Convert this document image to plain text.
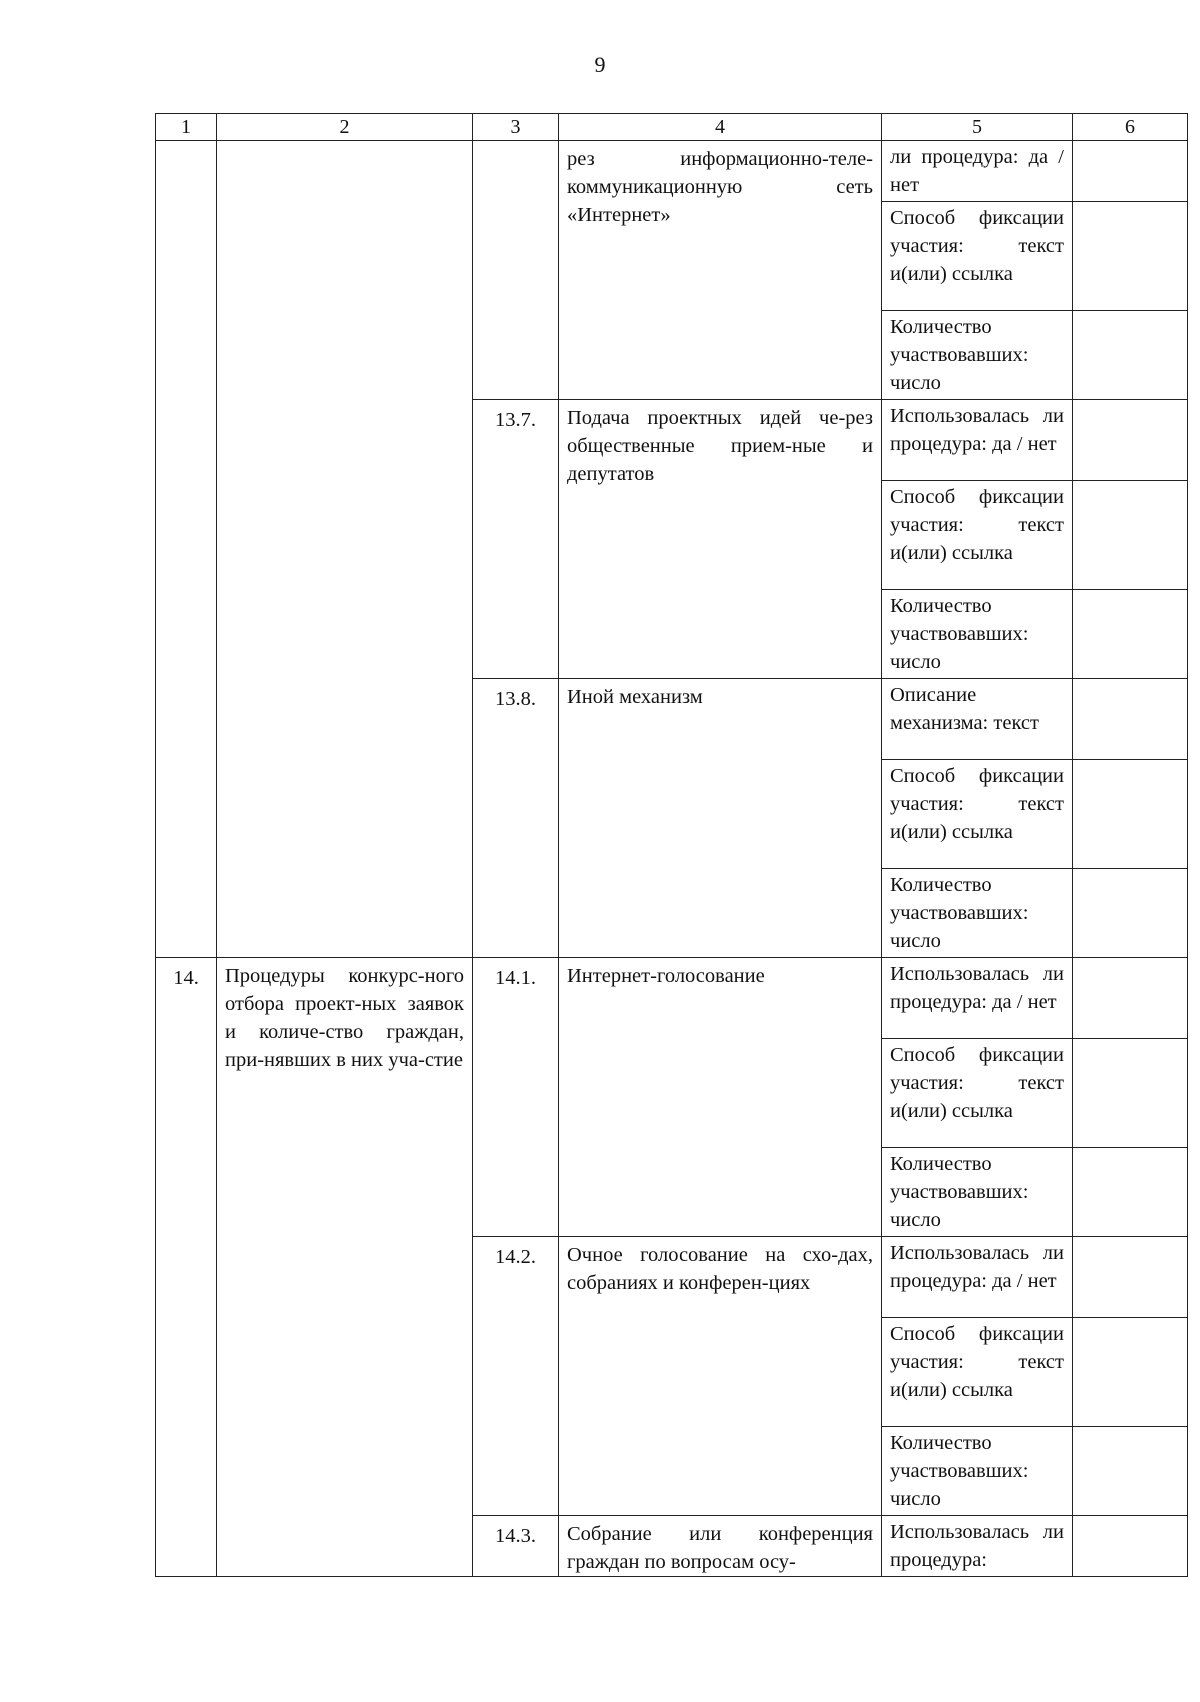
9
1	2	3	4	5	6

			рез информационно-теле-коммуникационную сеть «Интернет»	ли процедура: да / нет	
				Способ фиксации участия: текст и(или) ссылка	
				Количество участвовавших: число	

		13.7.	Подача проектных идей че-рез общественные прием-ные и депутатов	Использовалась ли процедура: да / нет	
				Способ фиксации участия: текст и(или) ссылка	
				Количество участвовавших: число	

		13.8.	Иной механизм	Описание механизма: текст	
				Способ фиксации участия: текст и(или) ссылка	
				Количество участвовавших: число	

14.	Процедуры конкурс-ного отбора проект-ных заявок и количе-ство граждан, при-нявших в них уча-стие	14.1.	Интернет-голосование	Использовалась ли процедура: да / нет	
				Способ фиксации участия: текст и(или) ссылка	
				Количество участвовавших: число	

		14.2.	Очное голосование на схо-дах, собраниях и конферен-циях	Использовалась ли процедура: да / нет	
				Способ фиксации участия: текст и(или) ссылка	
				Количество участвовавших: число	

		14.3.	Собрание или конференция граждан по вопросам осу-	Использовалась ли процедура:	
